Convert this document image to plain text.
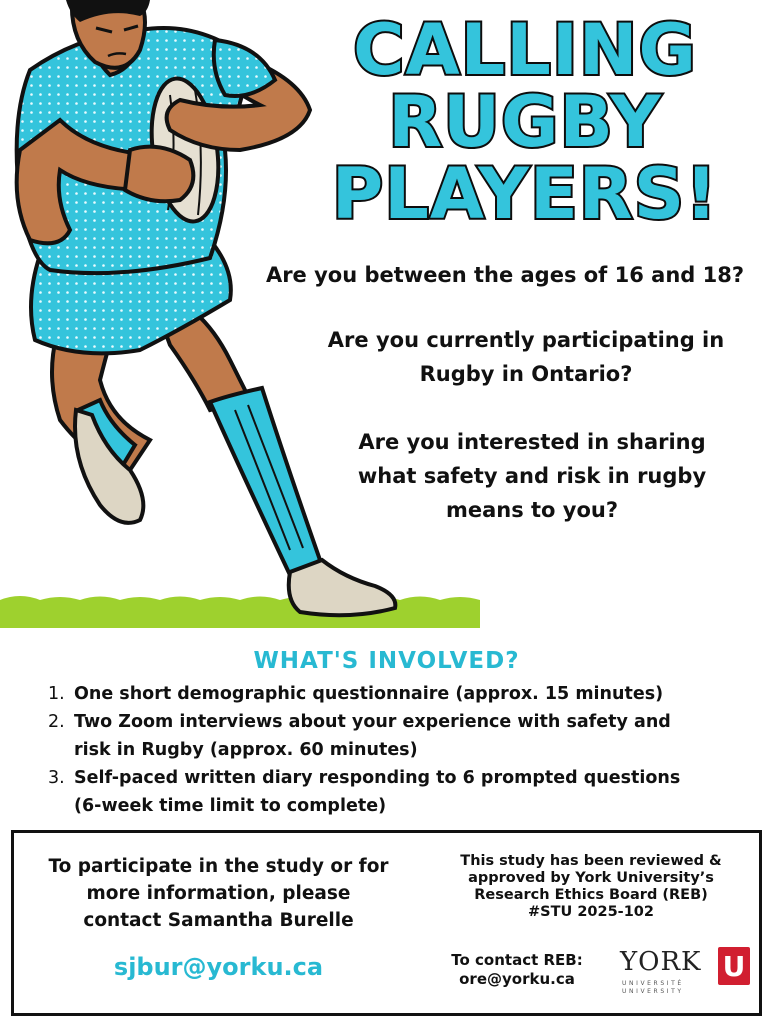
CALLING
RUGBY
PLAYERS!
Are you between the ages of 16 and 18?
Are you currently participating in
Rugby in Ontario?
Are you interested in sharing
what safety and risk in rugby
means to you?
WHAT'S INVOLVED?
1. One short demographic questionnaire (approx. 15 minutes)
2. Two Zoom interviews about your experience with safety and
risk in Rugby (approx. 60 minutes)
3. Self-paced written diary responding to 6 prompted questions
(6-week time limit to complete)
To participate in the study or for
more information, please
contact Samantha Burelle
sjbur@yorku.ca
This study has been reviewed &
approved by York University’s
Research Ethics Board (REB)
#STU 2025-102
To contact REB:
ore@yorku.ca
YORK
UNIVERSITÉ
UNIVERSITY
U
